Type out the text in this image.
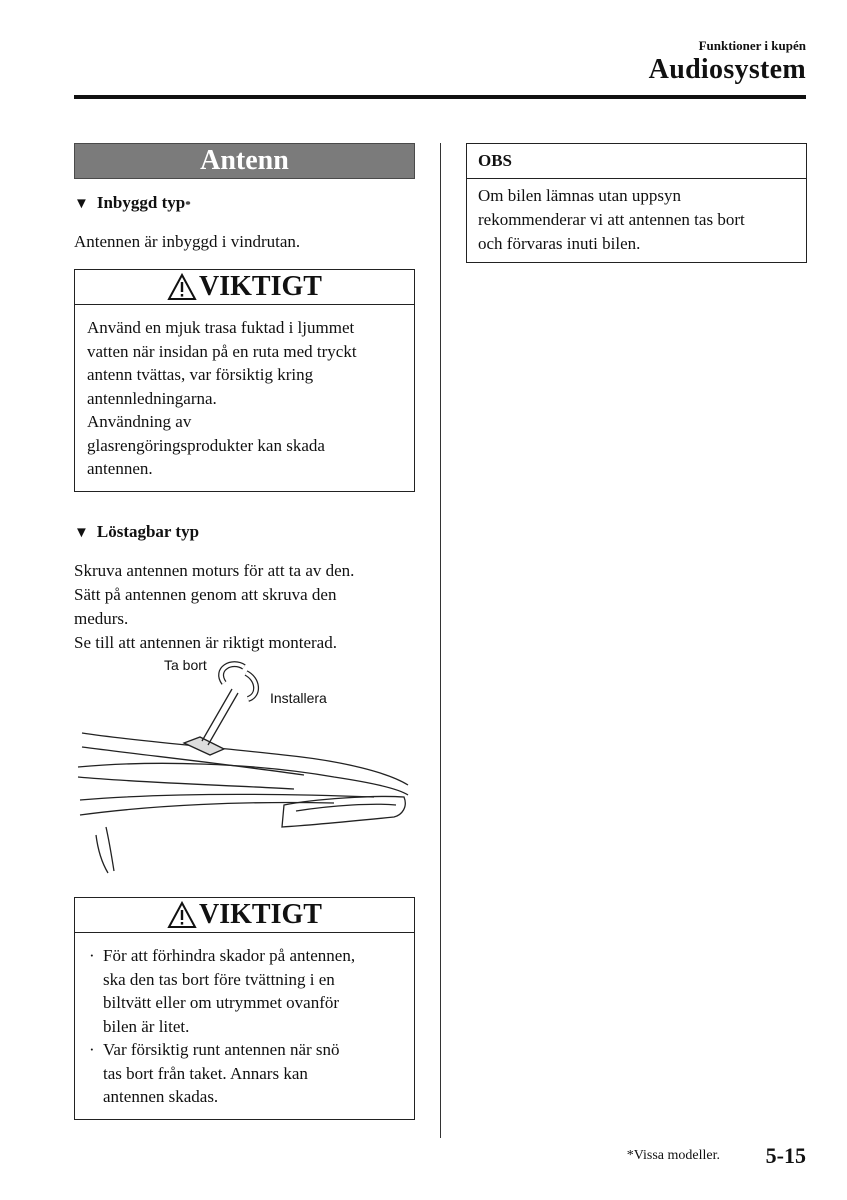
Funktioner i kupén
Audiosystem
Antenn
▼ Inbyggd typ *
Antennen är inbyggd i vindrutan.
VIKTIGT
Använd en mjuk trasa fuktad i ljummet
vatten när insidan på en ruta med tryckt
antenn tvättas, var försiktig kring
antennledningarna.
Användning av
glasrengöringsprodukter kan skada
antennen.
▼ Löstagbar typ
Skruva antennen moturs för att ta av den.
Sätt på antennen genom att skruva den
medurs.
Se till att antennen är riktigt monterad.
Ta bort
Installera
VIKTIGT
· För att förhindra skador på antennen,
ska den tas bort före tvättning i en
biltvätt eller om utrymmet ovanför
bilen är litet.
· Var försiktig runt antennen när snö
tas bort från taket. Annars kan
antennen skadas.
OBS
Om bilen lämnas utan uppsyn
rekommenderar vi att antennen tas bort
och förvaras inuti bilen.
*Vissa modeller. 5-15
